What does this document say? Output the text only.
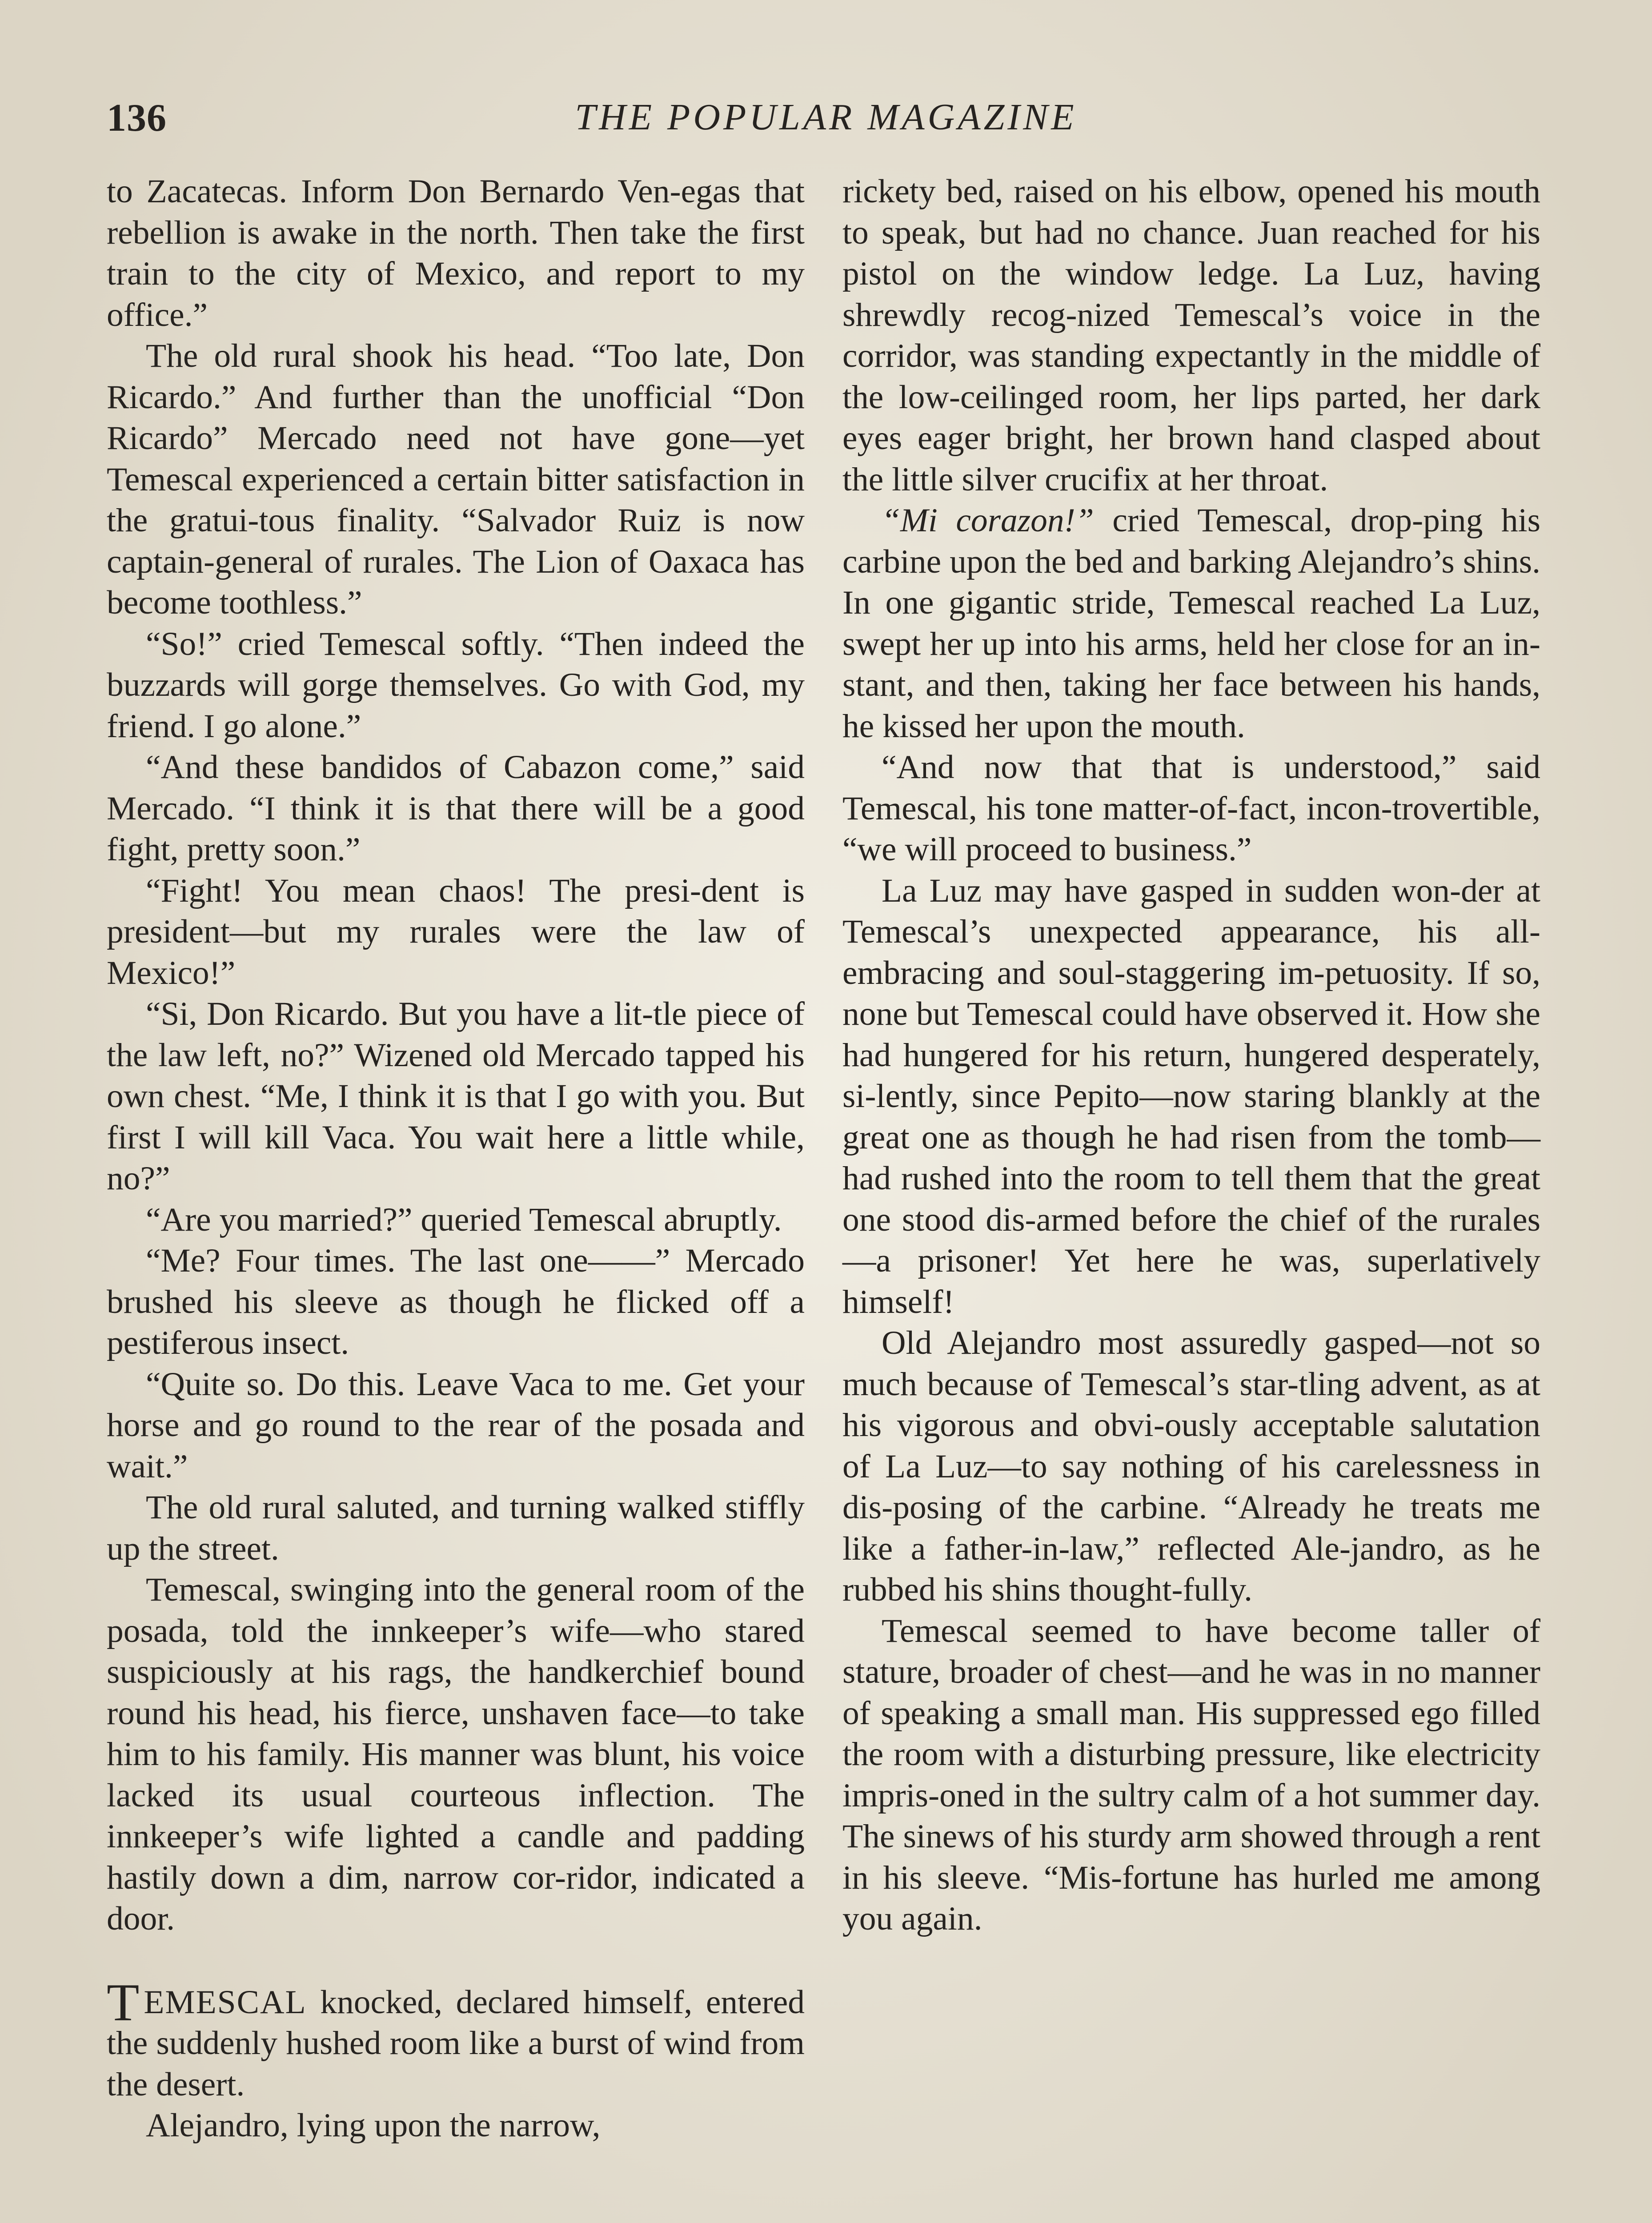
136	THE POPULAR MAGAZINE

to Zacatecas. Inform Don Bernardo Ven-egas that rebellion is awake in the north. Then take the first train to the city of Mexico, and report to my office.”

The old rural shook his head. “Too late, Don Ricardo.” And further than the unofficial “Don Ricardo” Mercado need not have gone—yet Temescal experienced a certain bitter satisfaction in the gratui-tous finality. “Salvador Ruiz is now captain-general of rurales. The Lion of Oaxaca has become toothless.”

“So!” cried Temescal softly. “Then indeed the buzzards will gorge themselves. Go with God, my friend. I go alone.”

“And these bandidos of Cabazon come,” said Mercado. “I think it is that there will be a good fight, pretty soon.”

“Fight! You mean chaos! The presi-dent is president—but my rurales were the law of Mexico!”

“Si, Don Ricardo. But you have a lit-tle piece of the law left, no?” Wizened old Mercado tapped his own chest. “Me, I think it is that I go with you. But first I will kill Vaca. You wait here a little while, no?”

“Are you married?” queried Temescal abruptly.

“Me? Four times. The last one——” Mercado brushed his sleeve as though he flicked off a pestiferous insect.

“Quite so. Do this. Leave Vaca to me. Get your horse and go round to the rear of the posada and wait.”

The old rural saluted, and turning walked stiffly up the street.

Temescal, swinging into the general room of the posada, told the innkeeper’s wife—who stared suspiciously at his rags, the handkerchief bound round his head, his fierce, unshaven face—to take him to his family. His manner was blunt, his voice lacked its usual courteous inflection. The innkeeper’s wife lighted a candle and padding hastily down a dim, narrow cor-ridor, indicated a door.

TEMESCAL knocked, declared himself, entered the suddenly hushed room like a burst of wind from the desert.

Alejandro, lying upon the narrow,

rickety bed, raised on his elbow, opened his mouth to speak, but had no chance. Juan reached for his pistol on the window ledge. La Luz, having shrewdly recog-nized Temescal’s voice in the corridor, was standing expectantly in the middle of the low-ceilinged room, her lips parted, her dark eyes eager bright, her brown hand clasped about the little silver crucifix at her throat.

“Mi corazon!” cried Temescal, drop-ping his carbine upon the bed and barking Alejandro’s shins. In one gigantic stride, Temescal reached La Luz, swept her up into his arms, held her close for an in-stant, and then, taking her face between his hands, he kissed her upon the mouth.

“And now that that is understood,” said Temescal, his tone matter-of-fact, incon-trovertible, “we will proceed to business.”

La Luz may have gasped in sudden won-der at Temescal’s unexpected appearance, his all-embracing and soul-staggering im-petuosity. If so, none but Temescal could have observed it. How she had hungered for his return, hungered desperately, si-lently, since Pepito—now staring blankly at the great one as though he had risen from the tomb—had rushed into the room to tell them that the great one stood dis-armed before the chief of the rurales—a prisoner! Yet here he was, superlatively himself!

Old Alejandro most assuredly gasped—not so much because of Temescal’s star-tling advent, as at his vigorous and obvi-ously acceptable salutation of La Luz—to say nothing of his carelessness in dis-posing of the carbine. “Already he treats me like a father-in-law,” reflected Ale-jandro, as he rubbed his shins thought-fully.

Temescal seemed to have become taller of stature, broader of chest—and he was in no manner of speaking a small man. His suppressed ego filled the room with a disturbing pressure, like electricity impris-oned in the sultry calm of a hot summer day. The sinews of his sturdy arm showed through a rent in his sleeve. “Mis-fortune has hurled me among you again.
